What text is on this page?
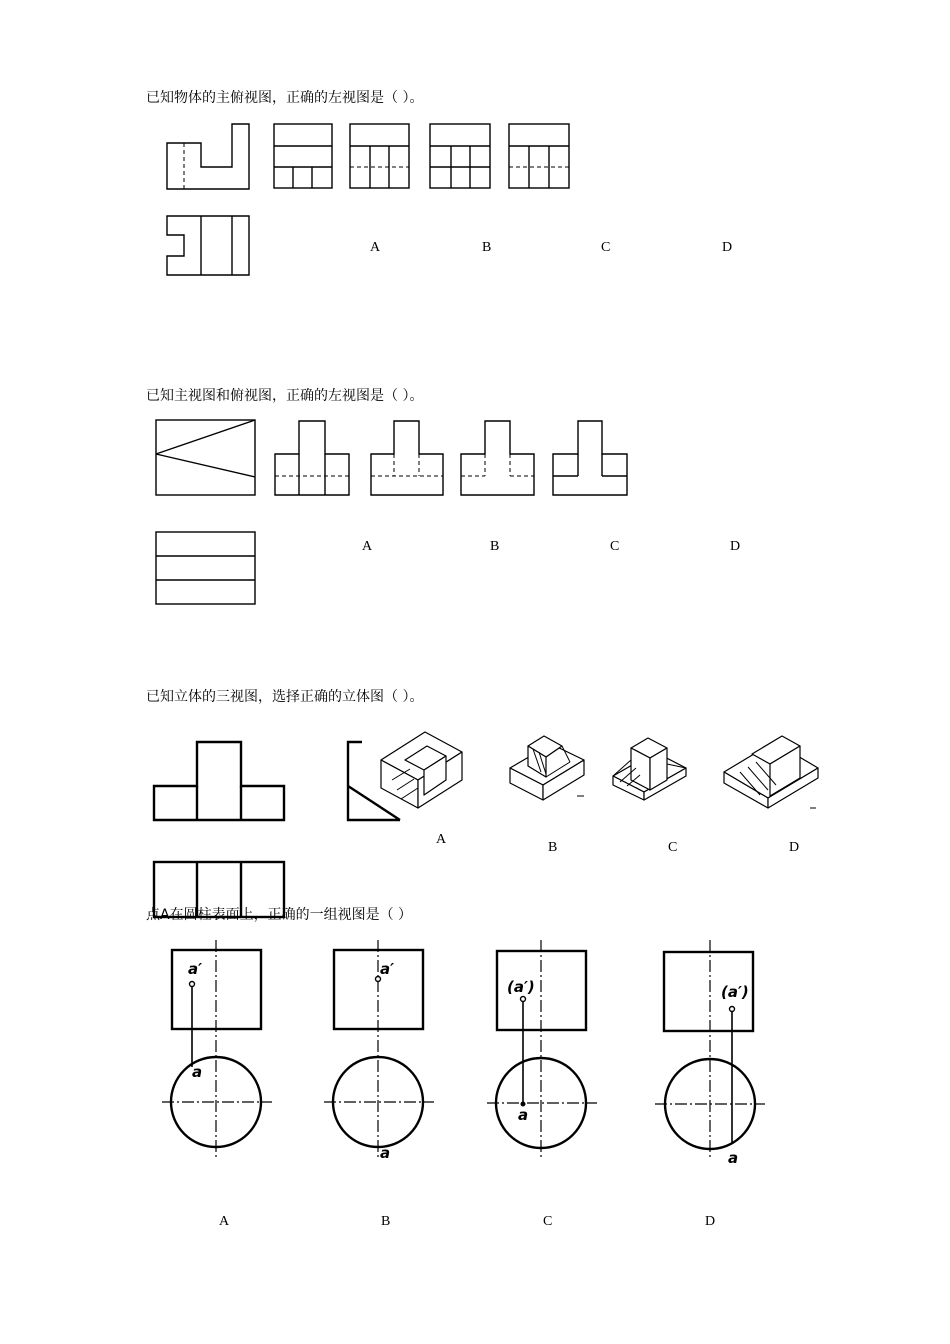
已知物体的主俯视图，正确的左视图是（ ）。
A	B	C	D
已知主视图和俯视图，正确的左视图是（ ）。
A	B	C	D
已知立体的三视图，选择正确的立体图（ ）。
A
B	C	D
点A在圆柱表面上，正确的一组视图是（ ）
a′
a
a′
a
(a′)
a
(a′)
a
A	B	C	D
